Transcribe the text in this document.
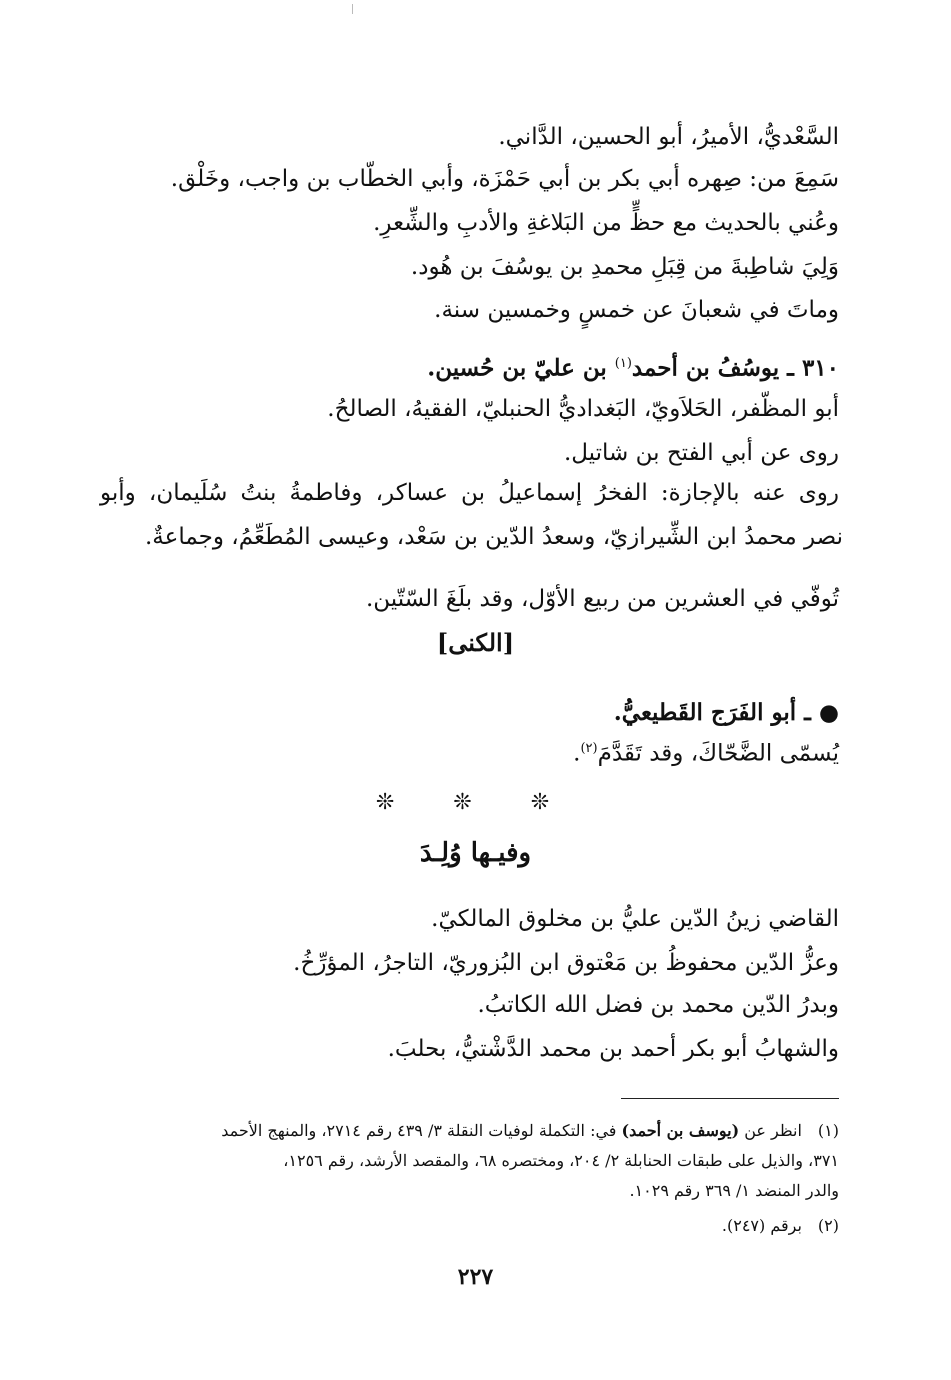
السَّعْديُّ، الأميرُ، أبو الحسين، الدَّاني.
سَمِعَ من: صِهره أبي بكر بن أبي حَمْزَة، وأبي الخطّاب بن واجب، وخَلْق.
وعُني بالحديث مع حظٍّ من البَلاغةِ والأدبِ والشِّعرِ.
وَلِيَ شاطِبةَ من قِبَلِ محمدِ بن يوسُفَ بن هُود.
وماتَ في شعبانَ عن خمسٍ وخمسين سنة.
٣١٠ ـ يوسُفُ بن أحمد$^{(١)}$ بن عليّ بن حُسين.
أبو المظّفر، الحَلاَويّ، البَغداديُّ الحنبليّ، الفقيهُ، الصالحُ.
روى عن أبي الفتح بن شاتيل.
روى عنه بالإجازة: الفخرُ إسماعيلُ بن عساكر، وفاطمةُ بنتُ سُلَيمان، وأبو
نصر محمدُ ابن الشِّيرازيّ، وسعدُ الدّين بن سَعْد، وعيسى المُطَعِّمُ، وجماعةٌ.
تُوفّي في العشرين من ربيع الأوّل، وقد بلَغَ السّتّين.
[الكنى]
● ـ أبو الفَرَج القَطيعيُّ.
يُسمّى الضَّحّاكَ، وقد تَقَدَّمَ$^{(٢)}$.
❊ ❊ ❊
وفيـها وُلِـدَ
القاضي زينُ الدّين عليُّ بن مخلوق المالكيّ.
وعزُّ الدّين محفوظُ بن مَعْتوق ابن البُزوريّ، التاجرُ، المؤرِّخُ.
وبدرُ الدّين محمد بن فضل الله الكاتبُ.
والشهابُ أبو بكر أحمد بن محمد الدَّشْتيُّ، بحلبَ.
(١) انظر عن (يوسف بن أحمد) في: التكملة لوفيات النقلة ٣/ ٤٣٩ رقم ٢٧١٤، والمنهج الأحمد
٣٧١، والذيل على طبقات الحنابلة ٢/ ٢٠٤، ومختصره ٦٨، والمقصد الأرشد، رقم ١٢٥٦،
والدر المنضد ١/ ٣٦٩ رقم ١٠٢٩.
(٢) برقم (٢٤٧).
٢٢٧
